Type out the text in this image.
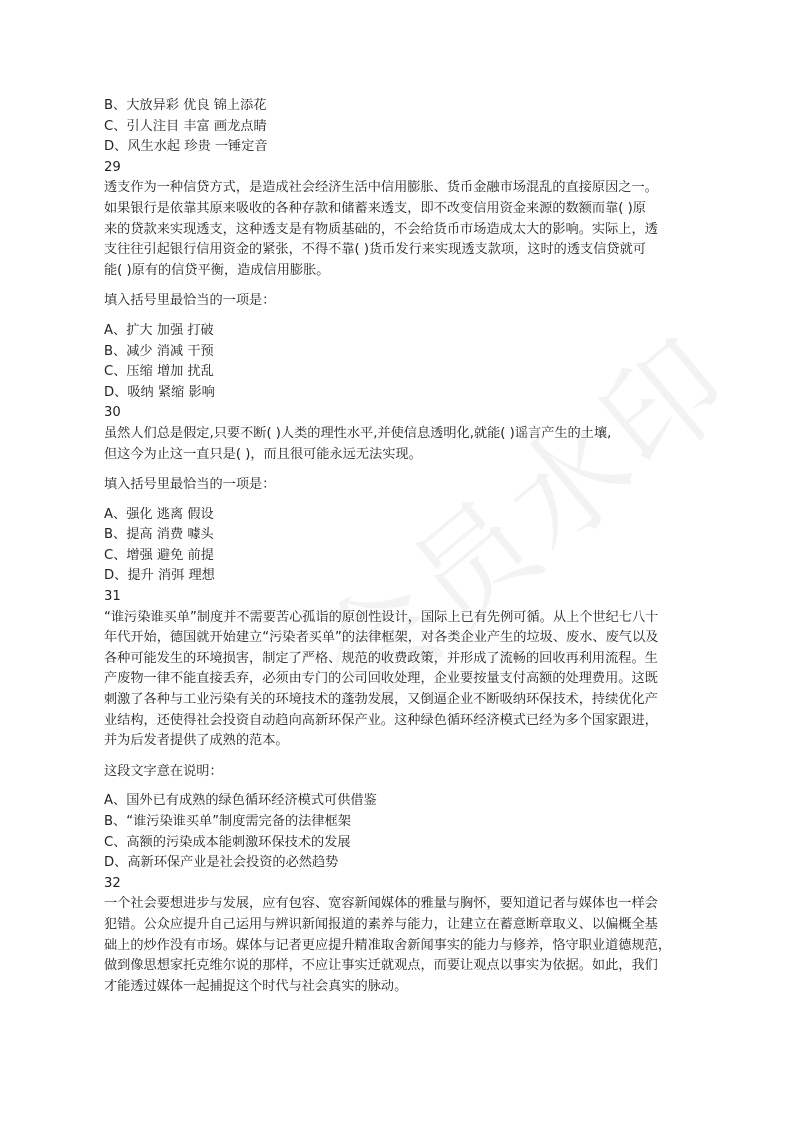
B、大放异彩 优良 锦上添花
C、引人注目 丰富 画龙点睛
D、风生水起 珍贵 一锤定音
29
透支作为一种信贷方式，是造成社会经济生活中信用膨胀、货币金融市场混乱的直接原因之一。
如果银行是依靠其原来吸收的各种存款和储蓄来透支，即不改变信用资金来源的数额而靠( )原
来的贷款来实现透支，这种透支是有物质基础的，不会给货币市场造成太大的影响。实际上，透
支往往引起银行信用资金的紧张，不得不靠( )货币发行来实现透支款项，这时的透支信贷就可
能( )原有的信贷平衡，造成信用膨胀。
填入括号里最恰当的一项是：
A、扩大 加强 打破
B、减少 消减 干预
C、压缩 增加 扰乱
D、吸纳 紧缩 影响
30
虽然人们总是假定,只要不断( )人类的理性水平,并使信息透明化,就能( )谣言产生的土壤,
但这今为止这一直只是( )，而且很可能永远无法实现。
填入括号里最恰当的一项是：
A、强化 逃离 假设
B、提高 消费 噱头
C、增强 避免 前提
D、提升 消弭 理想
31
“谁污染谁买单”制度并不需要苦心孤诣的原创性设计，国际上已有先例可循。从上个世纪七八十
年代开始，德国就开始建立“污染者买单”的法律框架，对各类企业产生的垃圾、废水、废气以及
各种可能发生的环境损害，制定了严格、规范的收费政策，并形成了流畅的回收再利用流程。生
产废物一律不能直接丢弃，必须由专门的公司回收处理，企业要按量支付高额的处理费用。这既
刺激了各种与工业污染有关的环境技术的蓬勃发展，又倒逼企业不断吸纳环保技术，持续优化产
业结构，还使得社会投资自动趋向高新环保产业。这种绿色循环经济模式已经为多个国家跟进，
并为后发者提供了成熟的范本。
这段文字意在说明：
A、国外已有成熟的绿色循环经济模式可供借鉴
B、“谁污染谁买单”制度需完备的法律框架
C、高额的污染成本能刺激环保技术的发展
D、高新环保产业是社会投资的必然趋势
32
一个社会要想进步与发展，应有包容、宽容新闻媒体的雅量与胸怀，要知道记者与媒体也一样会
犯错。公众应提升自己运用与辨识新闻报道的素养与能力，让建立在蓄意断章取义、以偏概全基
础上的炒作没有市场。媒体与记者更应提升精准取舍新闻事实的能力与修养，恪守职业道德规范，
做到像思想家托克维尔说的那样，不应让事实迁就观点，而要让观点以事实为依据。如此，我们
才能透过媒体一起捕捉这个时代与社会真实的脉动。
